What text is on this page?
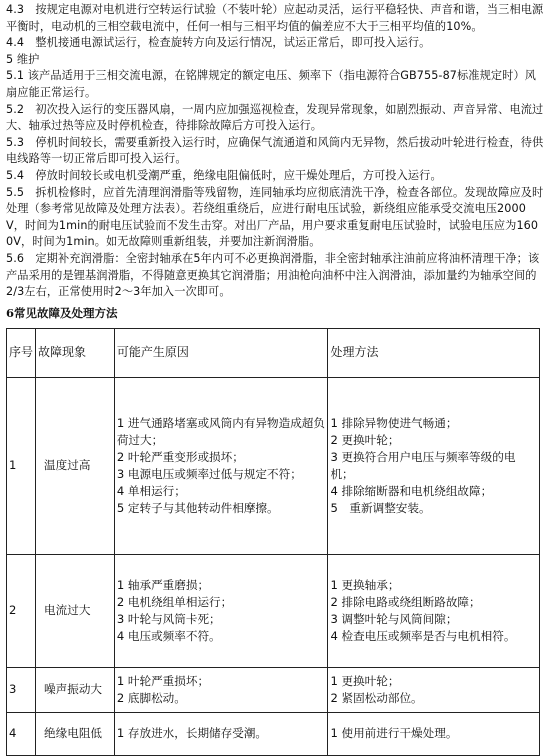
4.3　按规定电源对电机进行空转运行试验（不装叶轮）应起动灵活，运行平稳轻快、声音和谐，当三相电源平衡时，电动机的三相空载电流中，任何一相与三相平均值的偏差应不大于三相平均值的10%。

4.4　整机接通电源试运行，检查旋转方向及运行情况，试运正常后，即可投入运行。

5 维护

5.1 该产品适用于三相交流电源，在铭牌规定的额定电压、频率下（指电源符合GB755-87标准规定时）风扇应能正常运行。

5.2　初次投入运行的变压器风扇，一周内应加强巡视检查，发现异常现象，如剧烈振动、声音异常、电流过大、轴承过热等应及时停机检查，待排除故障后方可投入运行。

5.3　停机时间较长，需要重新投入运行时，应确保气流通道和风筒内无异物，然后拔动叶轮进行检查，待供电线路等一切正常后即可投入运行。

5.4　停放时间较长或电机受潮严重，绝缘电阻偏低时，应干燥处理后，方可投入运行。

5.5　拆机检修时，应首先清理润滑脂等残留物，连同轴承均应彻底清洗干净，检查各部位。发现故障应及时处理（参考常见故障及处理方法表）。若绕组重绕后，应进行耐电压试验，新绕组应能承受交流电压2000V，时间为1min的耐电压试验而不发生击穿。对出厂产品，用户要求重复耐电压试验时，试验电压应为1600V，时间为1min。如无故障则重新组装，并要加注新润滑脂。

5.6　定期补充润滑脂：全密封轴承在5年内可不必更换润滑脂，非全密封轴承注油前应将油杯清理干净；该产品采用的是锂基润滑脂，不得随意更换其它润滑脂；用油枪向油杯中注入润滑油，添加量约为轴承空间的2/3左右，正常使用时2～3年加入一次即可。

6常见故障及处理方法
序号	故障现象	可能产生原因	处理方法
1	温度过高	1 进气通路堵塞或风筒内有异物造成超负荷过大；
2 叶轮严重变形或损坏；
3 电源电压或频率过低与规定不符；
4 单相运行；
5 定转子与其他转动件相摩擦。	1 排除异物使进气畅通；
2 更换叶轮；
3 更换符合用户电压与频率等级的电机；
4 排除缩断器和电机绕组故障；
5　重新调整安装。

2	电流过大	1 轴承严重磨损；
2 电机绕组单相运行；
3 叶轮与风筒卡死；
4 电压或频率不符。	1 更换轴承；
2 排除电路或绕组断路故障；
3 调整叶轮与风筒间隙；
4 检查电压或频率是否与电机相符。

3	噪声振动大	1 叶轮严重损坏；
2 底脚松动。	1 更换叶轮；
2 紧固松动部位。

4	绝缘电阻低	1 存放进水，长期储存受潮。	1 使用前进行干燥处理。
